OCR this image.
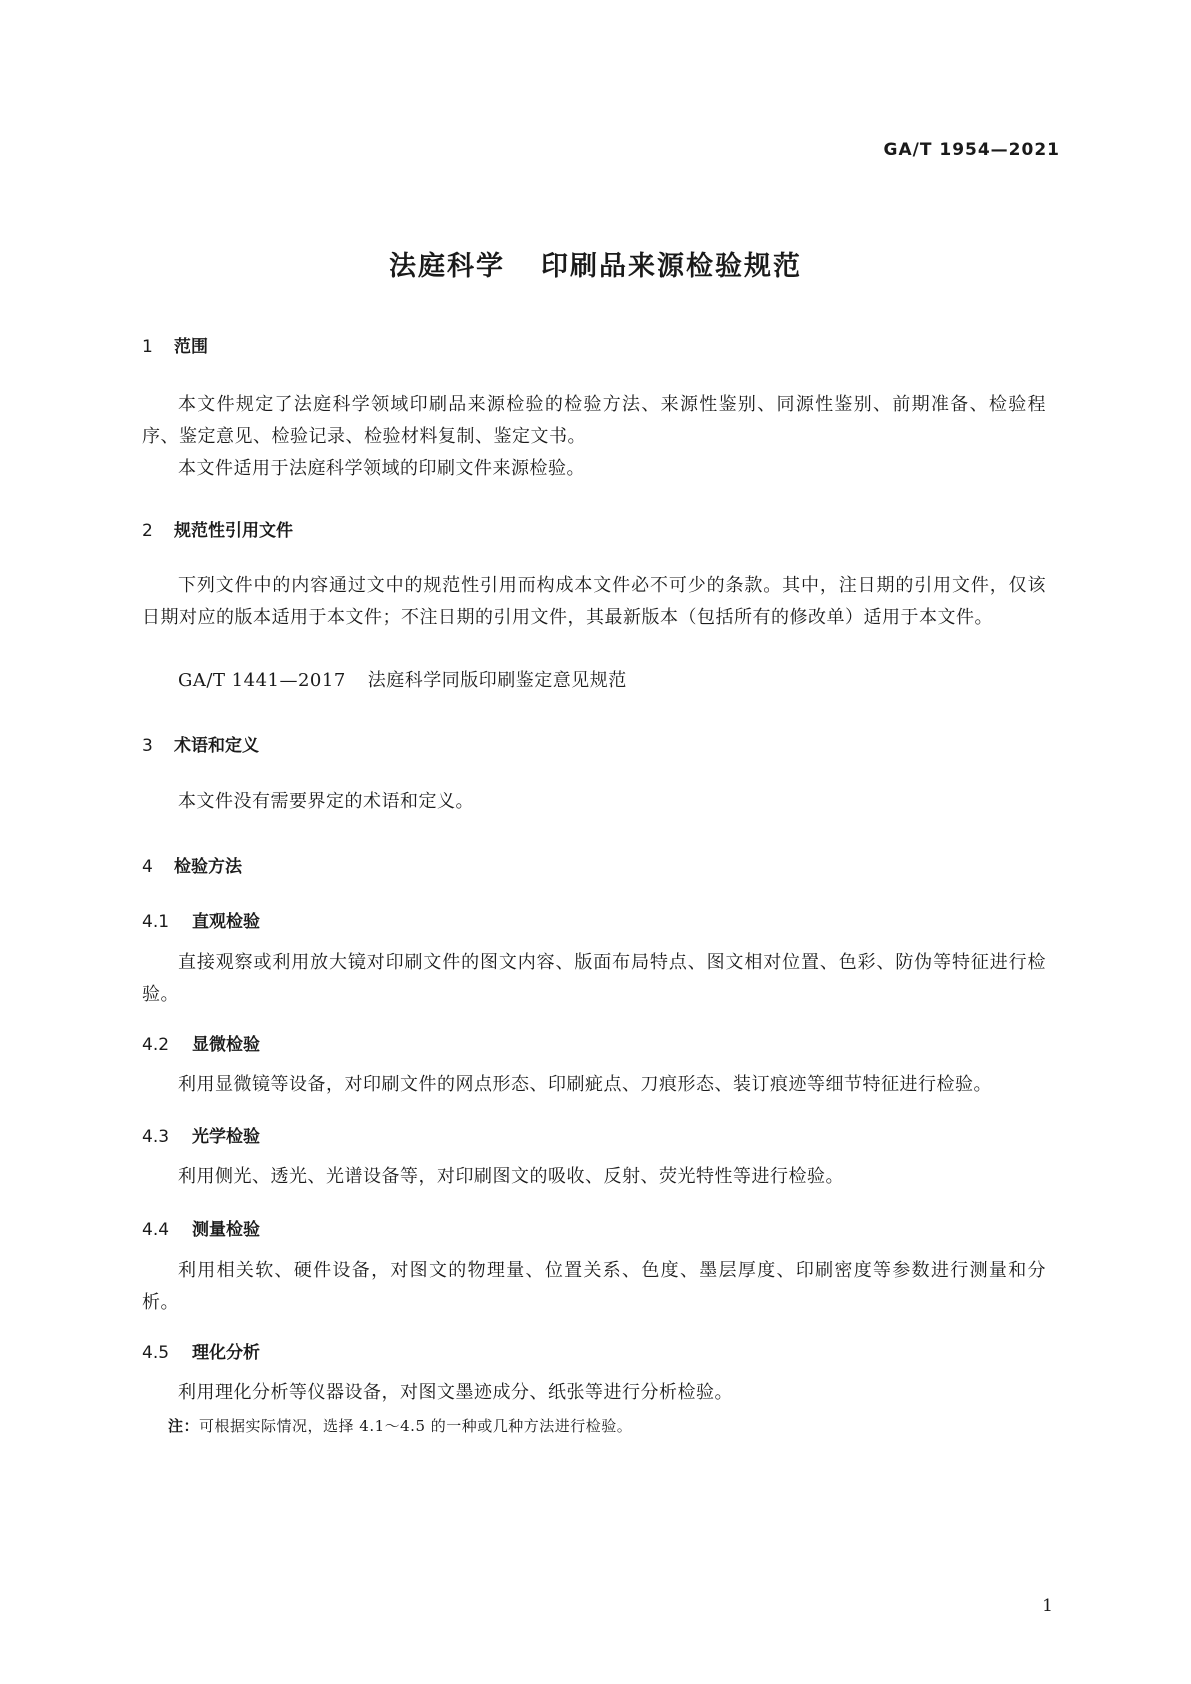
GA/T 1954—2021
法庭科学 印刷品来源检验规范
1 范围
本文件规定了法庭科学领域印刷品来源检验的检验方法、来源性鉴别、同源性鉴别、前期准备、检验程序、鉴定意见、检验记录、检验材料复制、鉴定文书。
本文件适用于法庭科学领域的印刷文件来源检验。
2 规范性引用文件
下列文件中的内容通过文中的规范性引用而构成本文件必不可少的条款。其中，注日期的引用文件，仅该日期对应的版本适用于本文件；不注日期的引用文件，其最新版本（包括所有的修改单）适用于本文件。
GA/T 1441—2017 法庭科学同版印刷鉴定意见规范
3 术语和定义
本文件没有需要界定的术语和定义。
4 检验方法
4.1 直观检验
直接观察或利用放大镜对印刷文件的图文内容、版面布局特点、图文相对位置、色彩、防伪等特征进行检验。
4.2 显微检验
利用显微镜等设备，对印刷文件的网点形态、印刷疵点、刀痕形态、装订痕迹等细节特征进行检验。
4.3 光学检验
利用侧光、透光、光谱设备等，对印刷图文的吸收、反射、荧光特性等进行检验。
4.4 测量检验
利用相关软、硬件设备，对图文的物理量、位置关系、色度、墨层厚度、印刷密度等参数进行测量和分析。
4.5 理化分析
利用理化分析等仪器设备，对图文墨迹成分、纸张等进行分析检验。
注：可根据实际情况，选择 4.1～4.5 的一种或几种方法进行检验。
1
